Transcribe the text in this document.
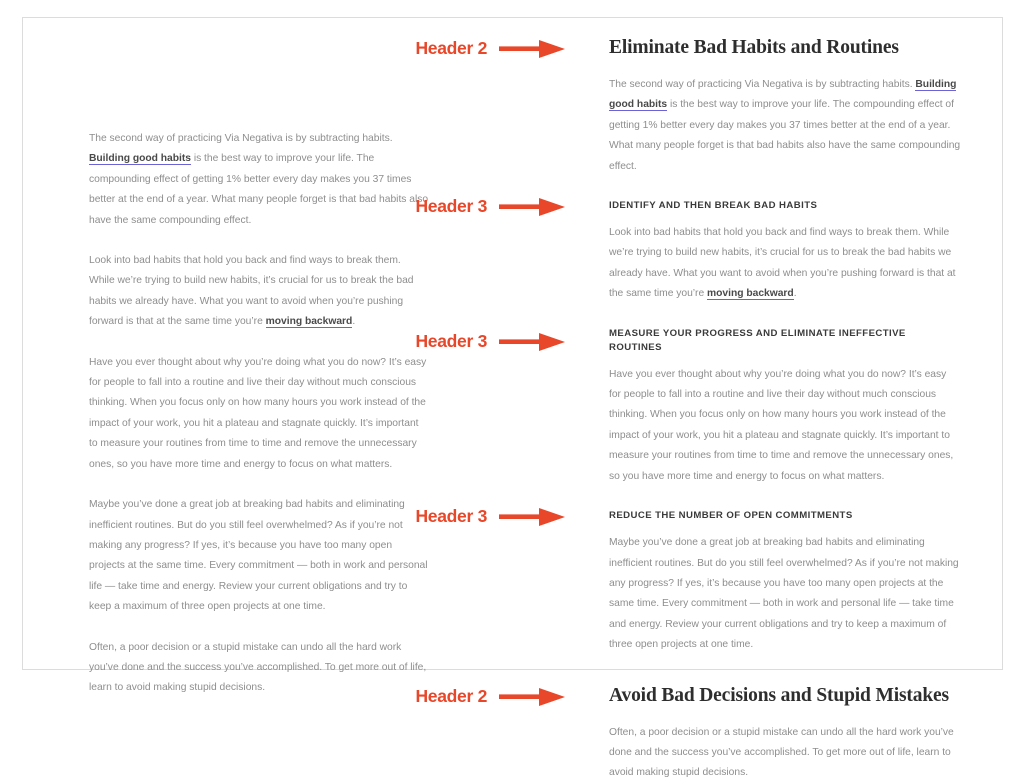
The second way of practicing Via Negativa is by subtracting habits. Building good habits is the best way to improve your life. The compounding effect of getting 1% better every day makes you 37 times better at the end of a year. What many people forget is that bad habits also have the same compounding effect.

Look into bad habits that hold you back and find ways to break them. While we’re trying to build new habits, it’s crucial for us to break the bad habits we already have. What you want to avoid when you’re pushing forward is that at the same time you’re moving backward.

Have you ever thought about why you’re doing what you do now? It’s easy for people to fall into a routine and live their day without much conscious thinking. When you focus only on how many hours you work instead of the impact of your work, you hit a plateau and stagnate quickly. It’s important to measure your routines from time to time and remove the unnecessary ones, so you have more time and energy to focus on what matters.

Maybe you’ve done a great job at breaking bad habits and eliminating inefficient routines. But do you still feel overwhelmed? As if you’re not making any progress? If yes, it’s because you have too many open projects at the same time. Every commitment — both in work and personal life — take time and energy. Review your current obligations and try to keep a maximum of three open projects at one time.

Often, a poor decision or a stupid mistake can undo all the hard work you’ve done and the success you’ve accomplished. To get more out of life, learn to avoid making stupid decisions.

Eliminate Bad Habits and Routines

The second way of practicing Via Negativa is by subtracting habits. Building good habits is the best way to improve your life. The compounding effect of getting 1% better every day makes you 37 times better at the end of a year. What many people forget is that bad habits also have the same compounding effect.

IDENTIFY AND THEN BREAK BAD HABITS

Look into bad habits that hold you back and find ways to break them. While we’re trying to build new habits, it’s crucial for us to break the bad habits we already have. What you want to avoid when you’re pushing forward is that at the same time you’re moving backward.

MEASURE YOUR PROGRESS AND ELIMINATE INEFFECTIVE ROUTINES

Have you ever thought about why you’re doing what you do now? It’s easy for people to fall into a routine and live their day without much conscious thinking. When you focus only on how many hours you work instead of the impact of your work, you hit a plateau and stagnate quickly. It’s important to measure your routines from time to time and remove the unnecessary ones, so you have more time and energy to focus on what matters.

REDUCE THE NUMBER OF OPEN COMMITMENTS

Maybe you’ve done a great job at breaking bad habits and eliminating inefficient routines. But do you still feel overwhelmed? As if you’re not making any progress? If yes, it’s because you have too many open projects at the same time. Every commitment — both in work and personal life — take time and energy. Review your current obligations and try to keep a maximum of three open projects at one time.

Avoid Bad Decisions and Stupid Mistakes

Often, a poor decision or a stupid mistake can undo all the hard work you’ve done and the success you’ve accomplished. To get more out of life, learn to avoid making stupid decisions.

Header 2
Header 3
Header 3
Header 3
Header 2
